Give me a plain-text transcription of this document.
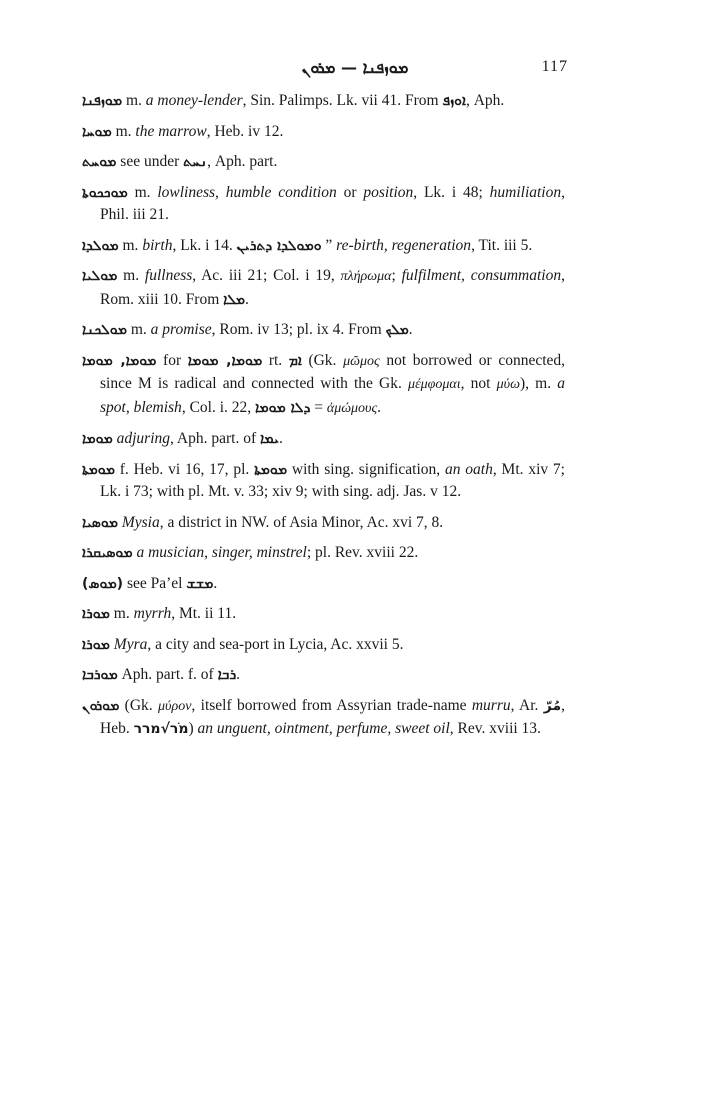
ܡܘܙܦܢܐ — ܡܪܘܢ	117

ܡܘܙܦܢܐ m. a money-lender, Sin. Palimps. Lk. vii 41. From ܐܘܙܦ, Aph.

ܡܘܚܐ m. the marrow, Heb. iv 12.

ܡܘܚܬ see under ܢܚܬ, Aph. part.

ܡܘܟܟܘܬܐ m. lowliness, humble condition or position, Lk. i 48; humiliation, Phil. iii 21.

ܡܘܠܕܐ m. birth, Lk. i 14. ܘܡܘܠܕܐ ܕܬܪܝܢ ” re-birth, regeneration, Tit. iii 5.

ܡܘܠܝܐ m. fullness, Ac. iii 21; Col. i 19, πλήρωμα; fulfilment, consummation, Rom. xiii 10. From ܡܠܐ.

ܡܘܠܟܢܐ m. a promise, Rom. iv 13; pl. ix 4. From ܡܠܟ.

ܡܘܡܐ, ܡܘܡܐ for ܡܘܡܐ, ܡܘܡܐ rt. ܐܡ (Gk. μῶμος not borrowed or connected, since M is radical and connected with the Gk. μέμφομαι, not μύω), m. a spot, blemish, Col. i. 22, ܕܠܐ ܡܘܡܐ = ἀμώμους.

ܡܘܡܐ adjuring, Aph. part. of ܝܡܐ.

ܡܘܡܬܐ f. Heb. vi 16, 17, pl. ܡܘܡܬܐ with sing. signification, an oath, Mt. xiv 7; Lk. i 73; with pl. Mt. v. 33; xiv 9; with sing. adj. Jas. v 12.

ܡܘܣܝܐ Mysia, a district in NW. of Asia Minor, Ac. xvi 7, 8.

ܡܘܣܝܩܪܐ a musician, singer, minstrel; pl. Rev. xviii 22.

(ܡܘܣ) see Pa’el ܡܫܫ.

ܡܘܪܐ m. myrrh, Mt. ii 11.

ܡܘܪܐ Myra, a city and sea-port in Lycia, Ac. xxvii 5.

ܡܘܪܒܐ Aph. part. f. of ܪܒܐ.

ܡܘܪܘܢ (Gk. μύρον, itself borrowed from Assyrian trade-name murru, Ar. مُرّ, Heb. מֹר√מרר) an unguent, ointment, perfume, sweet oil, Rev. xviii 13.
